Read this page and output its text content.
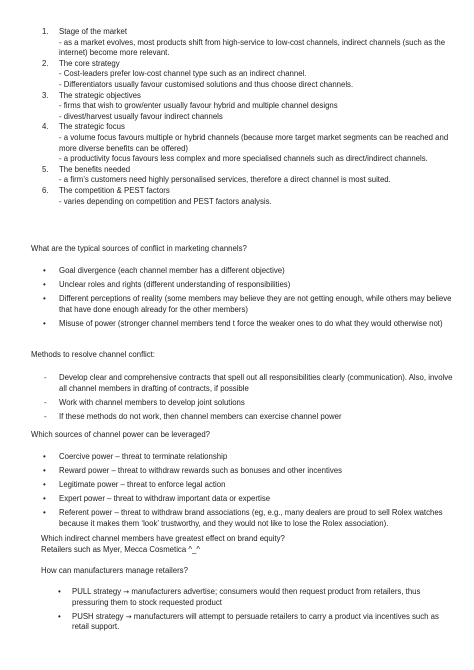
1. Stage of the market
- as a market evolves, most products shift from high-service to low-cost channels, indirect channels (such as the internet) become more relevant.
2. The core strategy
- Cost-leaders prefer low-cost channel type such as an indirect channel.
- Differentiators usually favour customised solutions and thus choose direct channels.
3. The strategic objectives
- firms that wish to grow/enter usually favour hybrid and multiple channel designs
- divest/harvest usually favour indirect channels
4. The strategic focus
- a volume focus favours multiple or hybrid channels (because more target market segments can be reached and more diverse benefits can be offered)
- a productivity focus favours less complex and more specialised channels such as direct/indirect channels.
5. The benefits needed
- a firm’s customers need highly personalised services, therefore a direct channel is most suited.
6. The competition & PEST factors
- varies depending on competition and PEST factors analysis.
What are the typical sources of conflict in marketing channels?
• Goal divergence (each channel member has a different objective)
• Unclear roles and rights (different understanding of responsibilities)
• Different perceptions of reality (some members may believe they are not getting enough, while others may believe that have done enough already for the other members)
• Misuse of power (stronger channel members tend t force the weaker ones to do what they would otherwise not)
Methods to resolve channel conflict:
- Develop clear and comprehensive contracts that spell out all responsibilities clearly (communication). Also, involve all channel members in drafting of contracts, if possible
- Work with channel members to develop joint solutions
- If these methods do not work, then channel members can exercise channel power
Which sources of channel power can be leveraged?
• Coercive power – threat to terminate relationship
• Reward power – threat to withdraw rewards such as bonuses and other incentives
• Legitimate power – threat to enforce legal action
• Expert power – threat to withdraw important data or expertise
• Referent power – threat to withdraw brand associations (eg, e.g., many dealers are proud to sell Rolex watches because it makes them ‘look’ trustworthy, and they would not like to lose the Rolex association).
Which indirect channel members have greatest effect on brand equity?
Retailers such as Myer, Mecca Cosmetica ^_^
How can manufacturers manage retailers?
• PULL strategy → manufacturers advertise; consumers would then request product from retailers, thus pressuring them to stock requested product
• PUSH strategy → manufacturers will attempt to persuade retailers to carry a product via incentives such as retail support.
